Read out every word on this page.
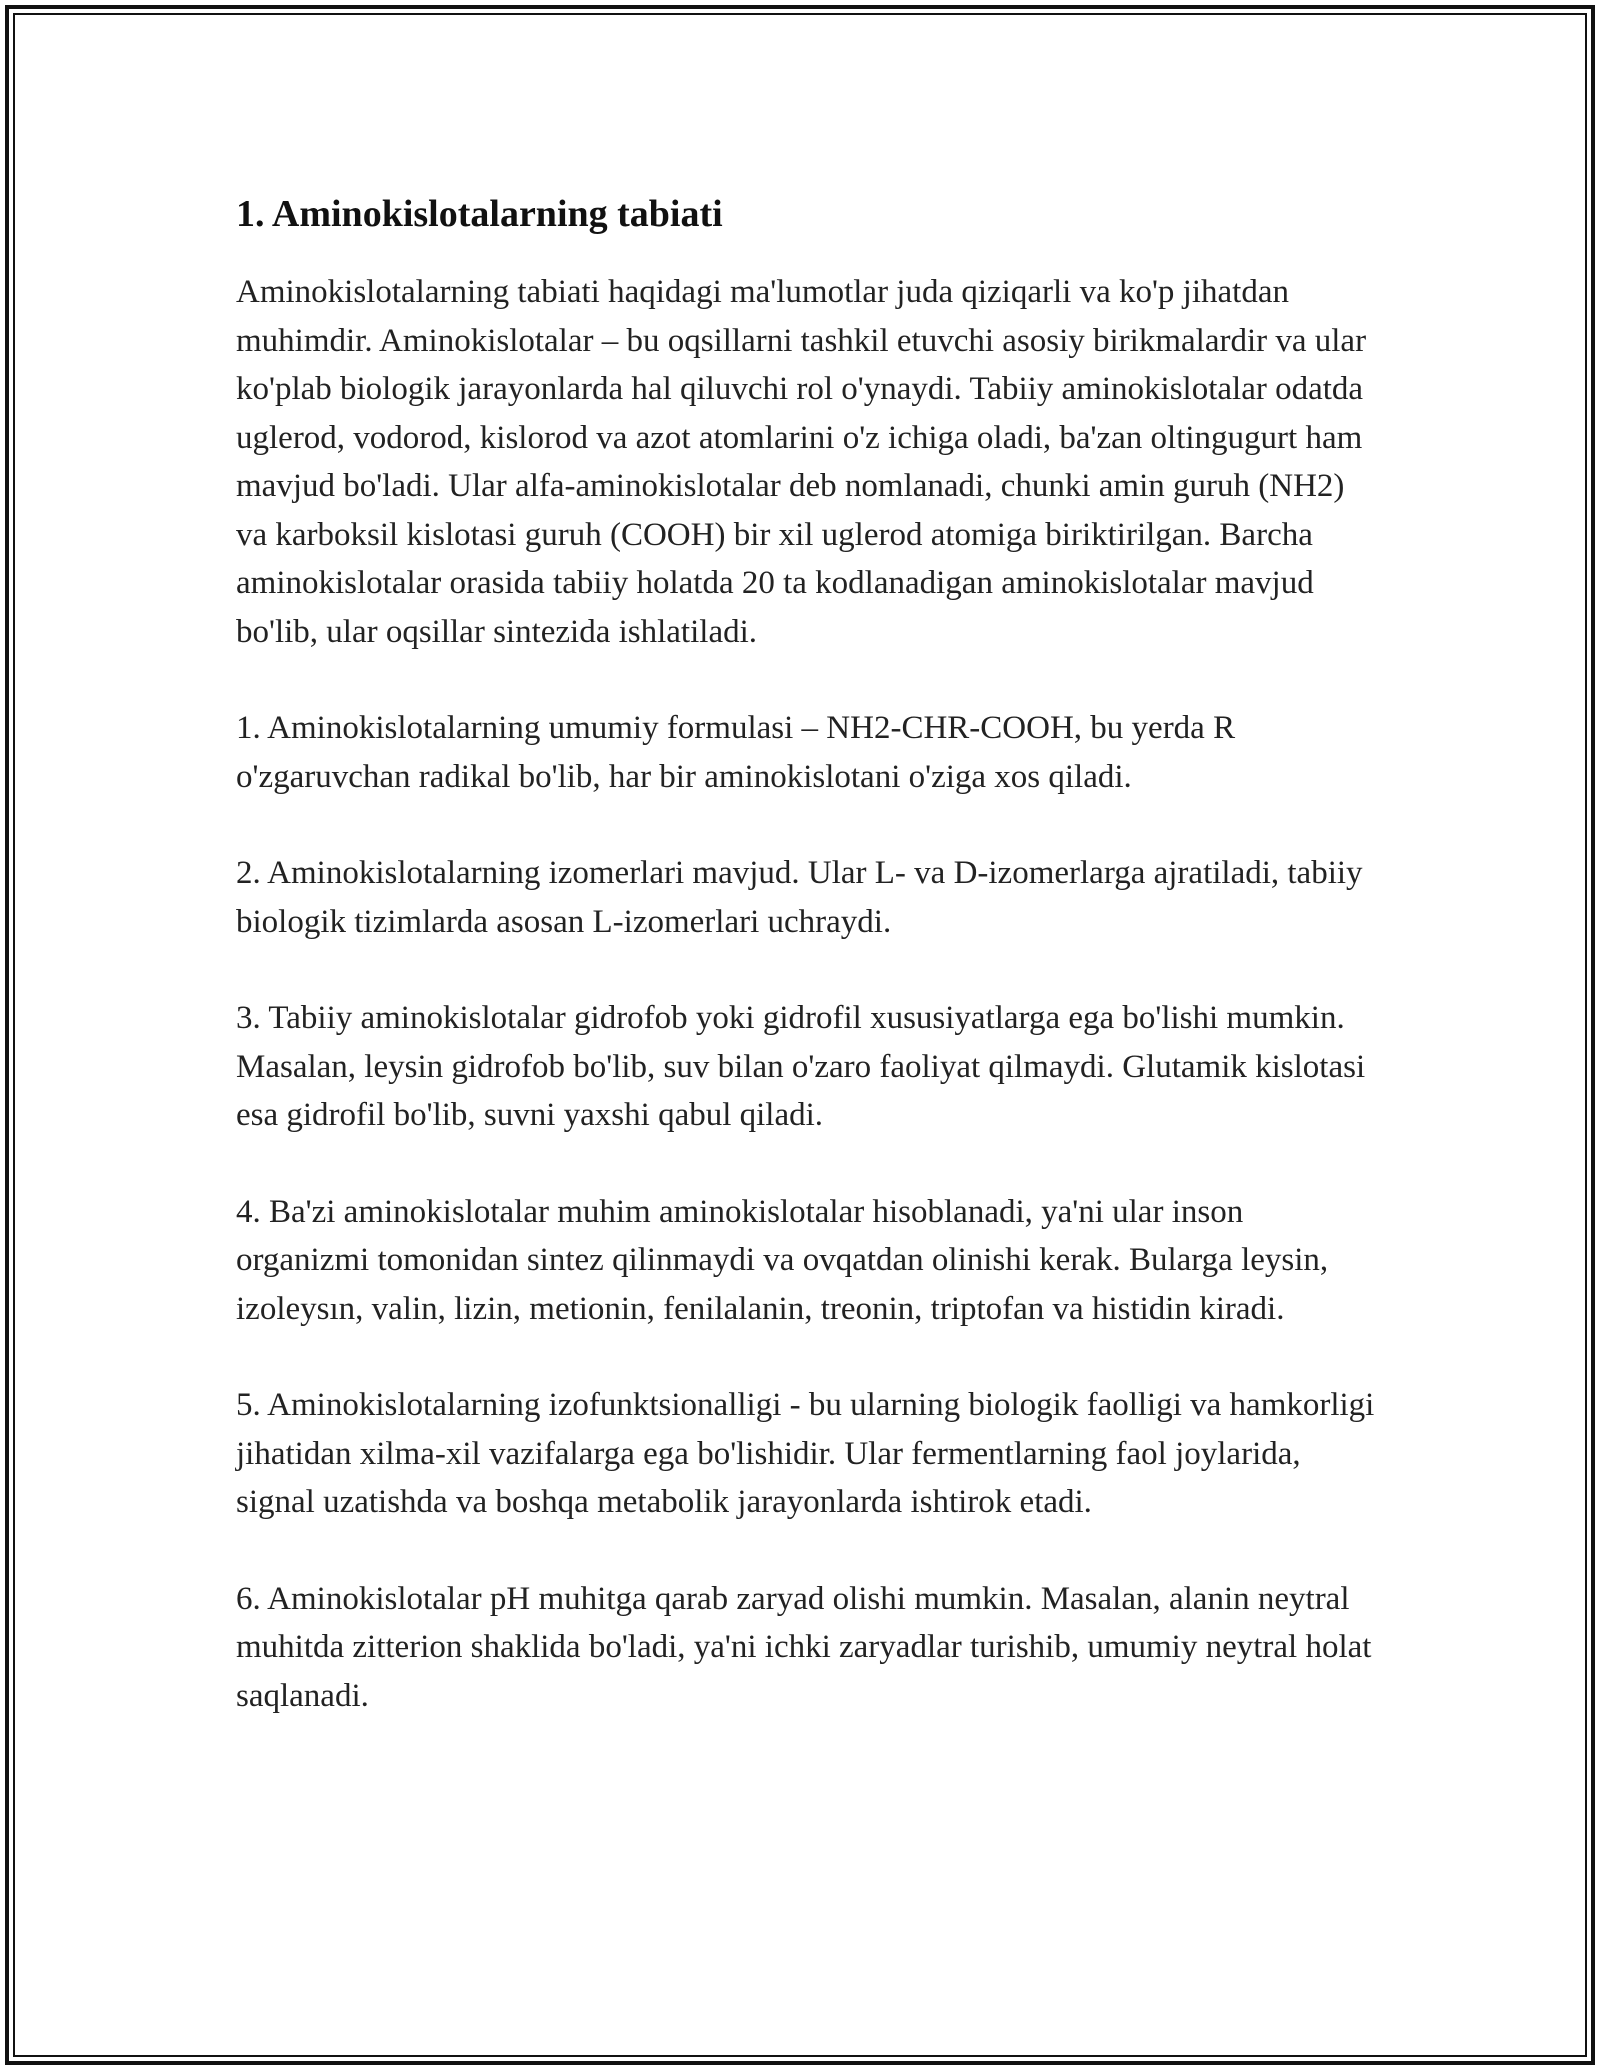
1. Aminokislotalarning tabiati

Aminokislotalarning tabiati haqidagi ma'lumotlar juda qiziqarli va ko'p jihatdan muhimdir. Aminokislotalar – bu oqsillarni tashkil etuvchi asosiy birikmalardir va ular ko'plab biologik jarayonlarda hal qiluvchi rol o'ynaydi. Tabiiy aminokislotalar odatda uglerod, vodorod, kislorod va azot atomlarini o'z ichiga oladi, ba'zan oltingugurt ham mavjud bo'ladi. Ular alfa-aminokislotalar deb nomlanadi, chunki amin guruh (NH2) va karboksil kislotasi guruh (COOH) bir xil uglerod atomiga biriktirilgan. Barcha aminokislotalar orasida tabiiy holatda 20 ta kodlanadigan aminokislotalar mavjud bo'lib, ular oqsillar sintezida ishlatiladi.

1. Aminokislotalarning umumiy formulasi – NH2-CHR-COOH, bu yerda R o'zgaruvchan radikal bo'lib, har bir aminokislotani o'ziga xos qiladi.

2. Aminokislotalarning izomerlari mavjud. Ular L- va D-izomerlarga ajratiladi, tabiiy biologik tizimlarda asosan L-izomerlari uchraydi.

3. Tabiiy aminokislotalar gidrofob yoki gidrofil xususiyatlarga ega bo'lishi mumkin. Masalan, leysin gidrofob bo'lib, suv bilan o'zaro faoliyat qilmaydi. Glutamik kislotasi esa gidrofil bo'lib, suvni yaxshi qabul qiladi.

4. Ba'zi aminokislotalar muhim aminokislotalar hisoblanadi, ya'ni ular inson organizmi tomonidan sintez qilinmaydi va ovqatdan olinishi kerak. Bularga leysin, izoleysın, valin, lizin, metionin, fenilalanin, treonin, triptofan va histidin kiradi.

5. Aminokislotalarning izofunktsionalligi - bu ularning biologik faolligi va hamkorligi jihatidan xilma-xil vazifalarga ega bo'lishidir. Ular fermentlarning faol joylarida, signal uzatishda va boshqa metabolik jarayonlarda ishtirok etadi.

6. Aminokislotalar pH muhitga qarab zaryad olishi mumkin. Masalan, alanin neytral muhitda zitterion shaklida bo'ladi, ya'ni ichki zaryadlar turishib, umumiy neytral holat saqlanadi.
